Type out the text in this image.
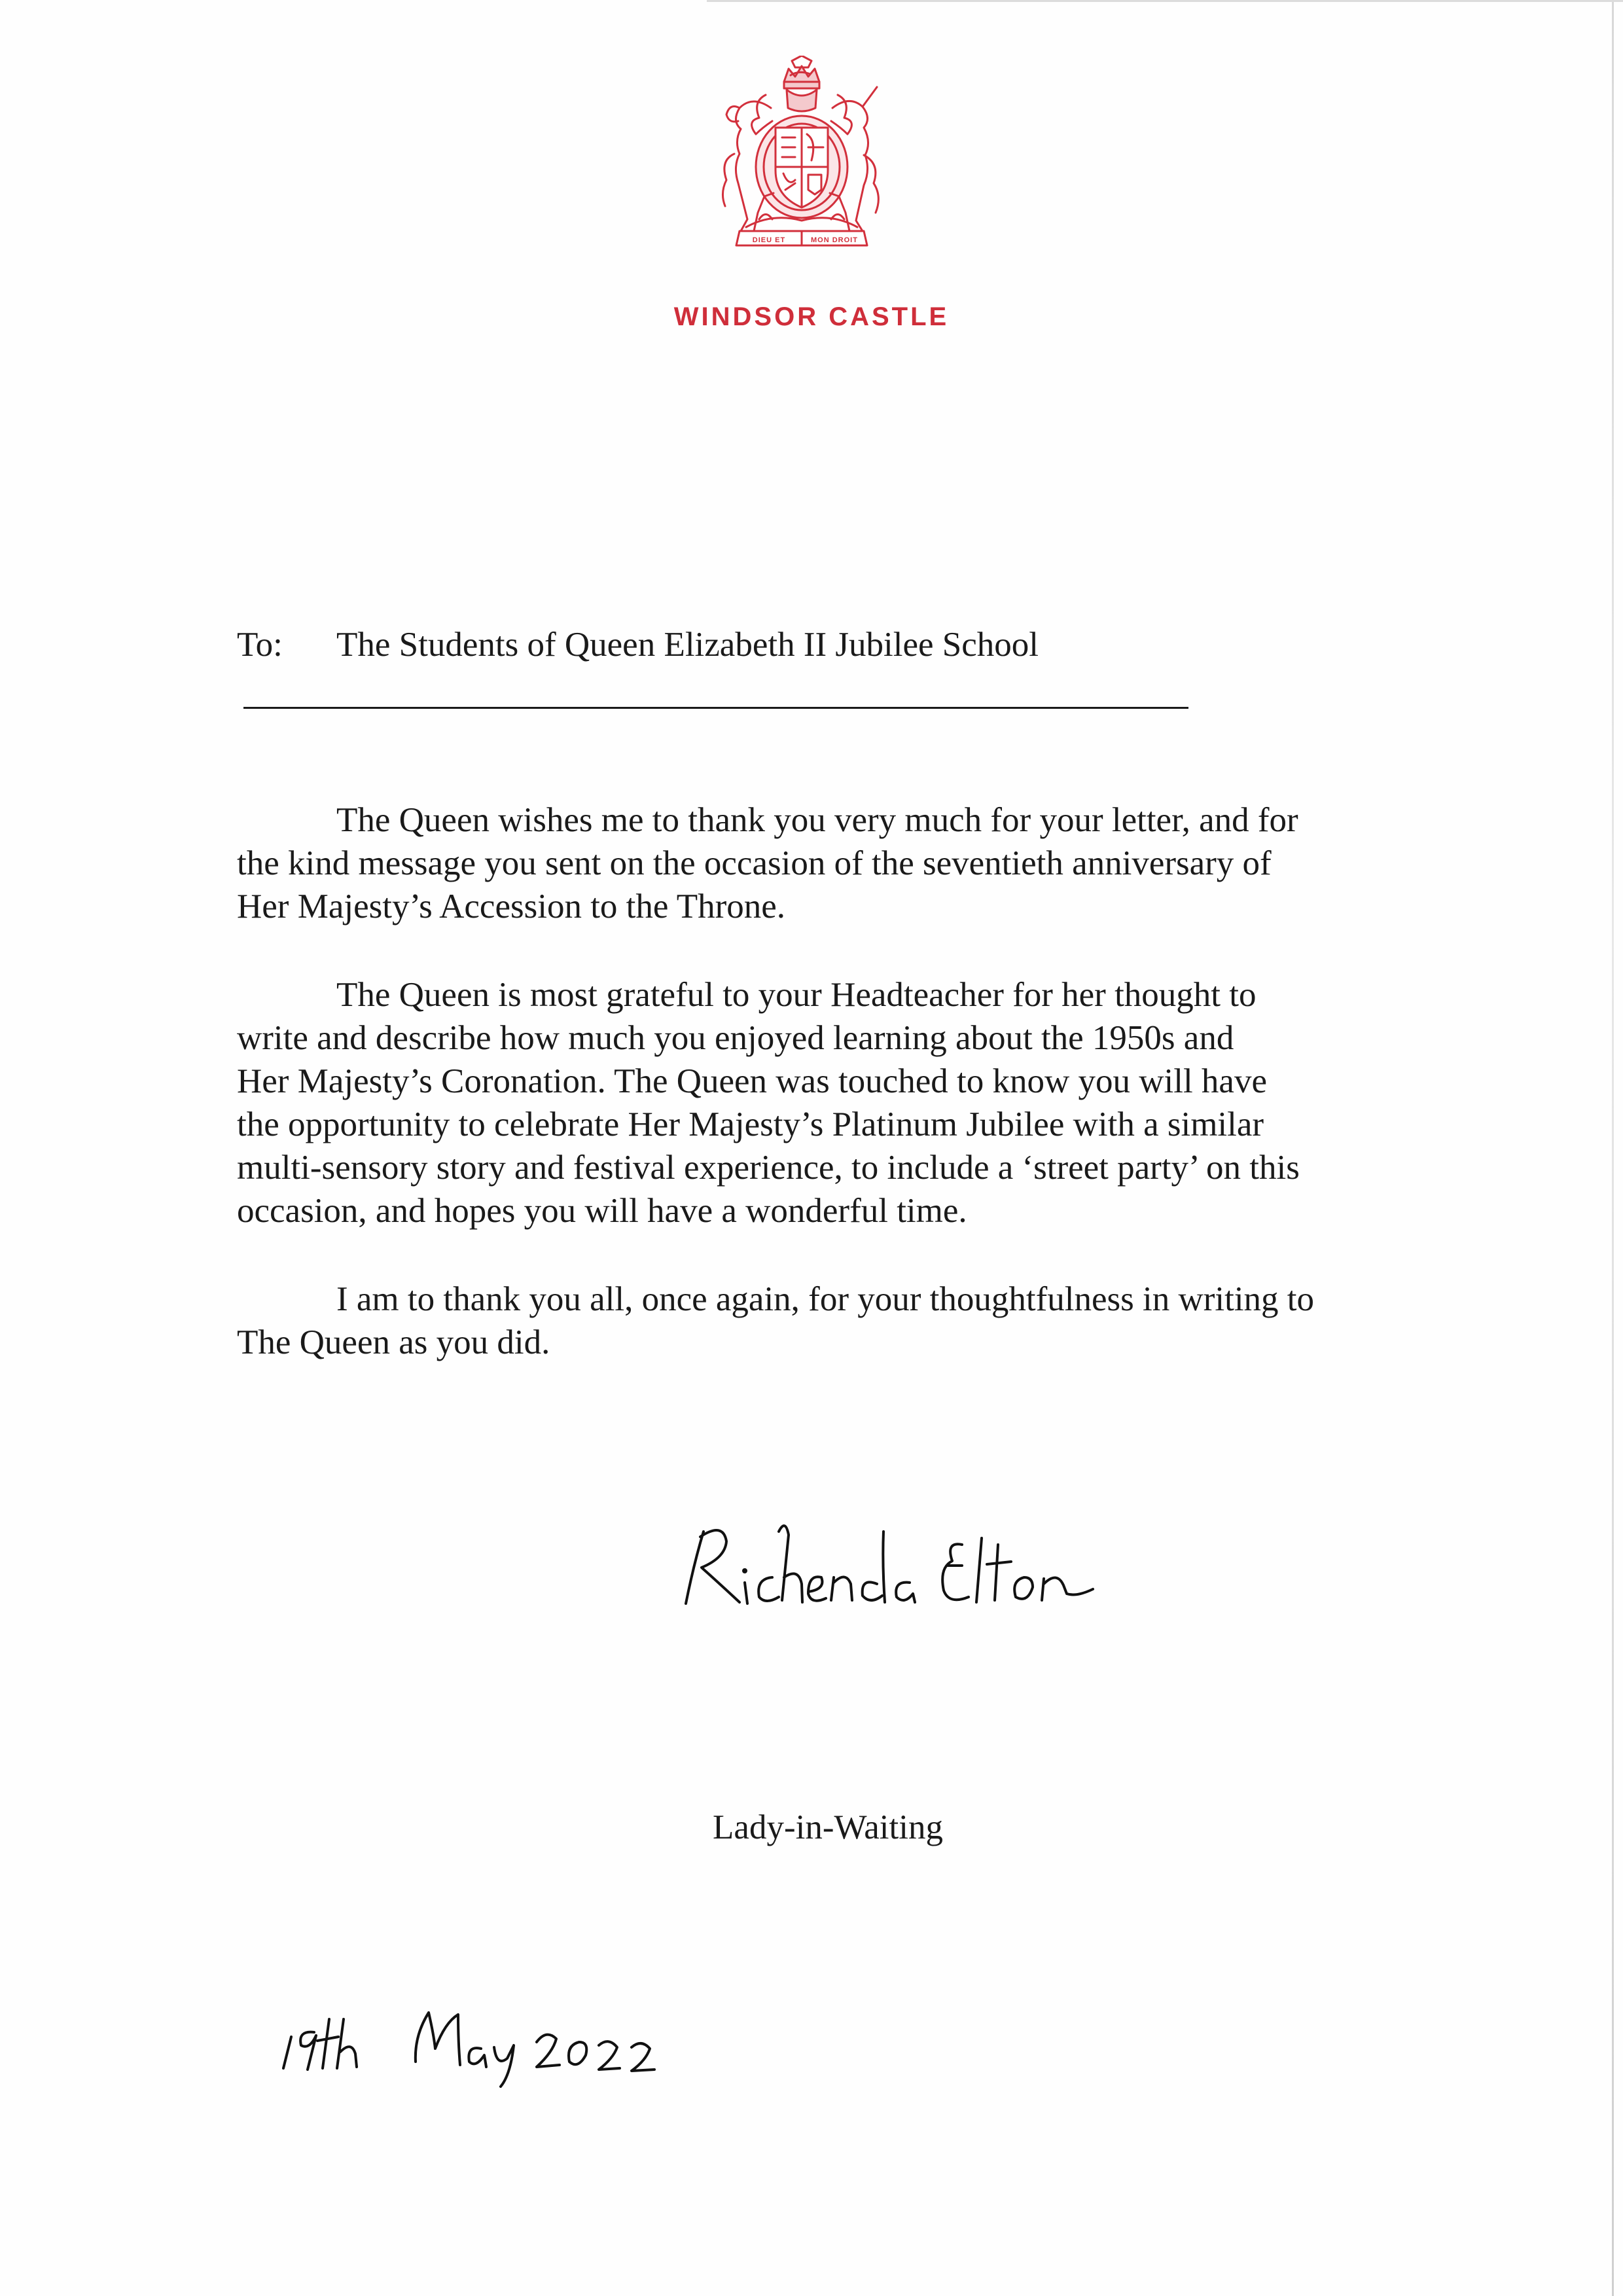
DIEU ET	MON DROIT
WINDSOR CASTLE
To: The Students of Queen Elizabeth II Jubilee School

The Queen wishes me to thank you very much for your letter, and for
the kind message you sent on the occasion of the seventieth anniversary of
Her Majesty’s Accession to the Throne.

The Queen is most grateful to your Headteacher for her thought to
write and describe how much you enjoyed learning about the 1950s and
Her Majesty’s Coronation. The Queen was touched to know you will have
the opportunity to celebrate Her Majesty’s Platinum Jubilee with a similar
multi-sensory story and festival experience, to include a ‘street party’ on this
occasion, and hopes you will have a wonderful time.

I am to thank you all, once again, for your thoughtfulness in writing to
The Queen as you did.

Lady-in-Waiting
